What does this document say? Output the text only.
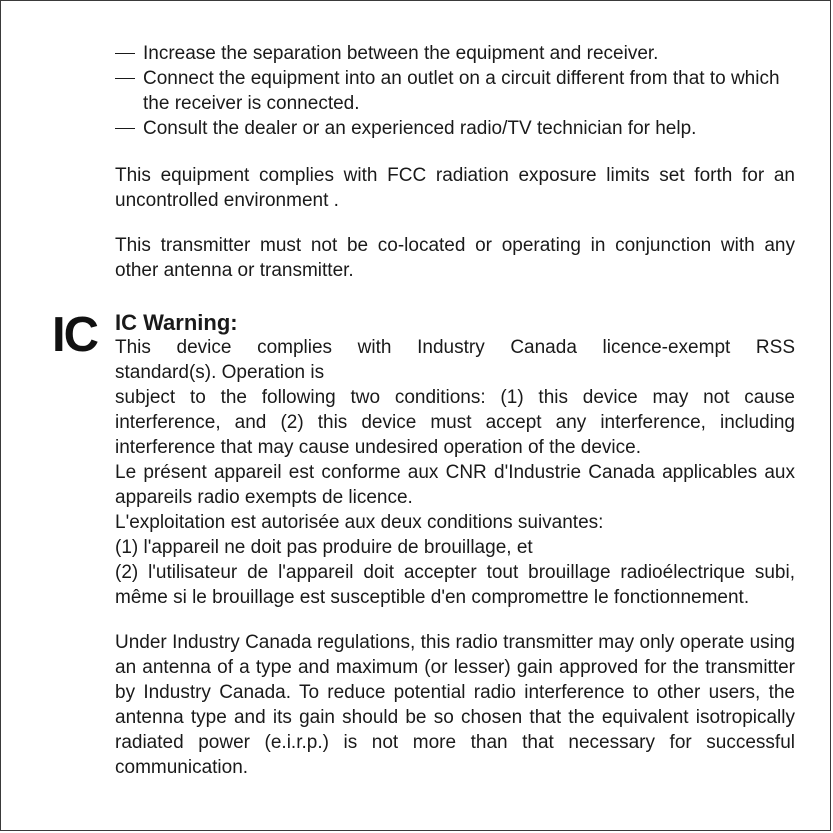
IC
Increase the separation between the equipment and receiver.
Connect the equipment into an outlet on a circuit different from that to which the receiver is connected.
Consult the dealer or an experienced radio/TV technician for help.

This equipment complies with FCC radiation exposure limits set forth for an uncontrolled environment .

This transmitter must not be co-located or operating in conjunction with any other antenna or transmitter.

IC Warning:
This device complies with Industry Canada licence-exempt RSS
standard(s). Operation is
subject to the following two conditions: (1) this device may not cause interference, and (2) this device must accept any interference, including interference that may cause undesired operation of the device.
Le présent appareil est conforme aux CNR d'Industrie Canada applicables aux appareils radio exempts de licence.
L'exploitation est autorisée aux deux conditions suivantes:
(1) l'appareil ne doit pas produire de brouillage, et
(2) l'utilisateur de l'appareil doit accepter tout brouillage radioélectrique subi, même si le brouillage est susceptible d'en compromettre le fonctionnement.

Under Industry Canada regulations, this radio transmitter may only operate using an antenna of a type and maximum (or lesser) gain approved for the transmitter by Industry Canada. To reduce potential radio interference to other users, the antenna type and its gain should be so chosen that the equivalent isotropically radiated power (e.i.r.p.) is not more than that necessary for successful communication.
